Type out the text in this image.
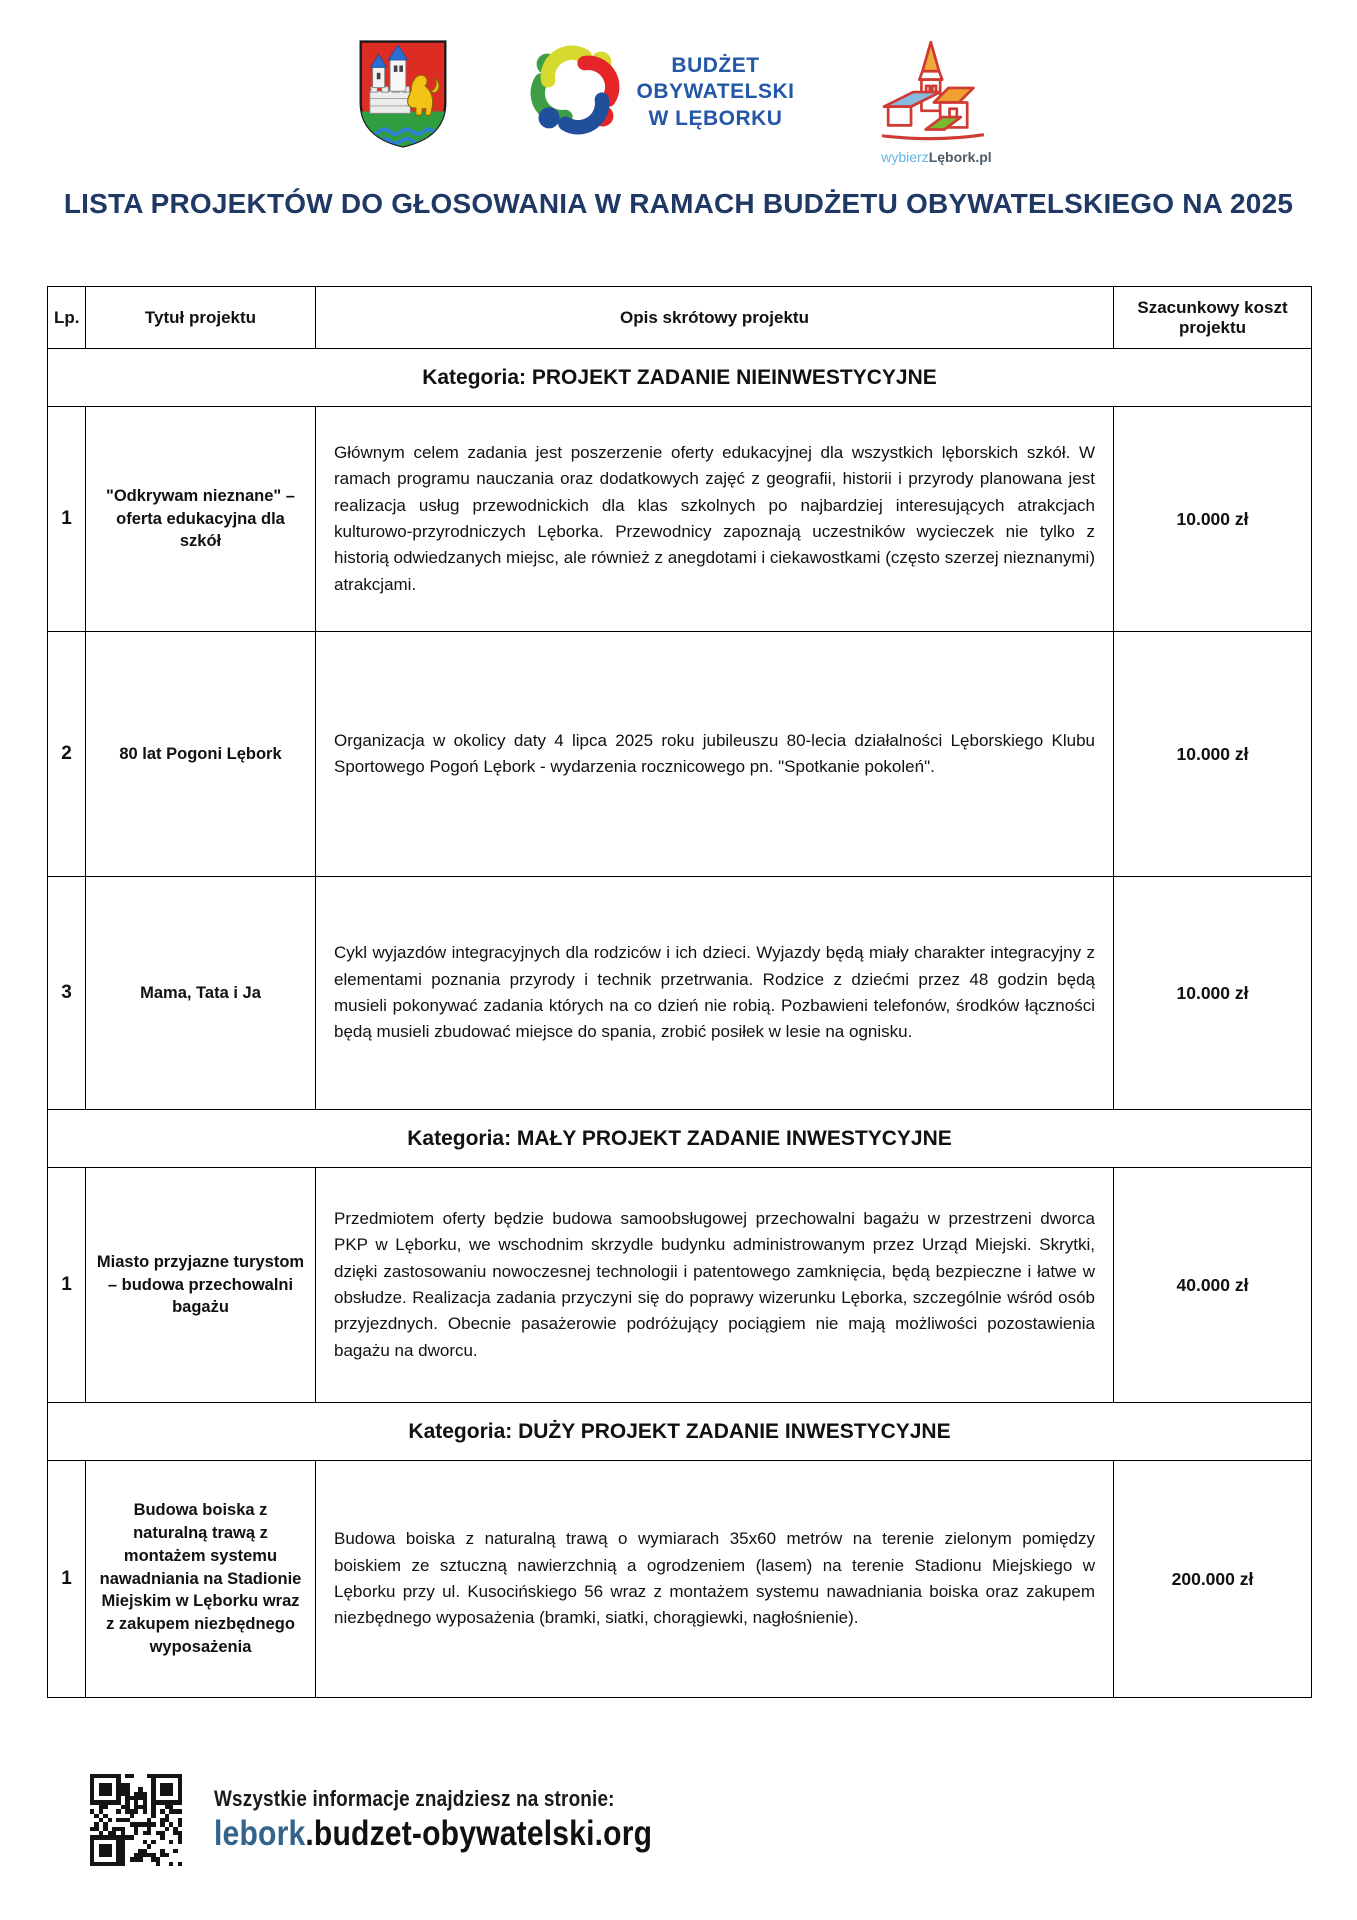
BUDŻET
OBYWATELSKI
W LĘBORKU
wybierzLębork.pl
LISTA PROJEKTÓW DO GŁOSOWANIA W RAMACH BUDŻETU OBYWATELSKIEGO NA 2025
Lp.	Tytuł projektu	Opis skrótowy projektu	Szacunkowy koszt projektu
Kategoria: PROJEKT ZADANIE NIEINWESTYCYJNE			
1	"Odkrywam nieznane" – oferta edukacyjna dla szkół	Głównym celem zadania jest poszerzenie oferty edukacyjnej dla wszystkich lęborskich szkół. W ramach programu nauczania oraz dodatkowych zajęć z geografii, historii i przyrody planowana jest realizacja usług przewodnickich dla klas szkolnych po najbardziej interesujących atrakcjach kulturowo-przyrodniczych Lęborka. Przewodnicy zapoznają uczestników wycieczek nie tylko z historią odwiedzanych miejsc, ale również z anegdotami i ciekawostkami (często szerzej nieznanymi) atrakcjami.	10.000 zł
2	80 lat Pogoni Lębork	Organizacja w okolicy daty 4 lipca 2025 roku jubileuszu 80-lecia działalności Lęborskiego Klubu Sportowego Pogoń Lębork - wydarzenia rocznicowego pn. "Spotkanie pokoleń".	10.000 zł
3	Mama, Tata i Ja	Cykl wyjazdów integracyjnych dla rodziców i ich dzieci. Wyjazdy będą miały charakter integracyjny z elementami poznania przyrody i technik przetrwania. Rodzice z dziećmi przez 48 godzin będą musieli pokonywać zadania których na co dzień nie robią. Pozbawieni telefonów, środków łączności będą musieli zbudować miejsce do spania, zrobić posiłek w lesie na ognisku.	10.000 zł
Kategoria: MAŁY PROJEKT ZADANIE INWESTYCYJNE			
1	Miasto przyjazne turystom – budowa przechowalni bagażu	Przedmiotem oferty będzie budowa samoobsługowej przechowalni bagażu w przestrzeni dworca PKP w Lęborku, we wschodnim skrzydle budynku administrowanym przez Urząd Miejski. Skrytki, dzięki zastosowaniu nowoczesnej technologii i patentowego zamknięcia, będą bezpieczne i łatwe w obsłudze. Realizacja zadania przyczyni się do poprawy wizerunku Lęborka, szczególnie wśród osób przyjezdnych. Obecnie pasażerowie podróżujący pociągiem nie mają możliwości pozostawienia bagażu na dworcu.	40.000 zł
Kategoria: DUŻY PROJEKT ZADANIE INWESTYCYJNE			
1	Budowa boiska z naturalną trawą z montażem systemu nawadniania na Stadionie Miejskim w Lęborku wraz z zakupem niezbędnego wyposażenia	Budowa boiska z naturalną trawą o wymiarach 35x60 metrów na terenie zielonym pomiędzy boiskiem ze sztuczną nawierzchnią a ogrodzeniem (lasem) na terenie Stadionu Miejskiego w Lęborku przy ul. Kusocińskiego 56 wraz z montażem systemu nawadniania boiska oraz zakupem niezbędnego wyposażenia (bramki, siatki, chorągiewki, nagłośnienie).	200.000 zł
Wszystkie informacje znajdziesz na stronie:
lebork.budzet-obywatelski.org
